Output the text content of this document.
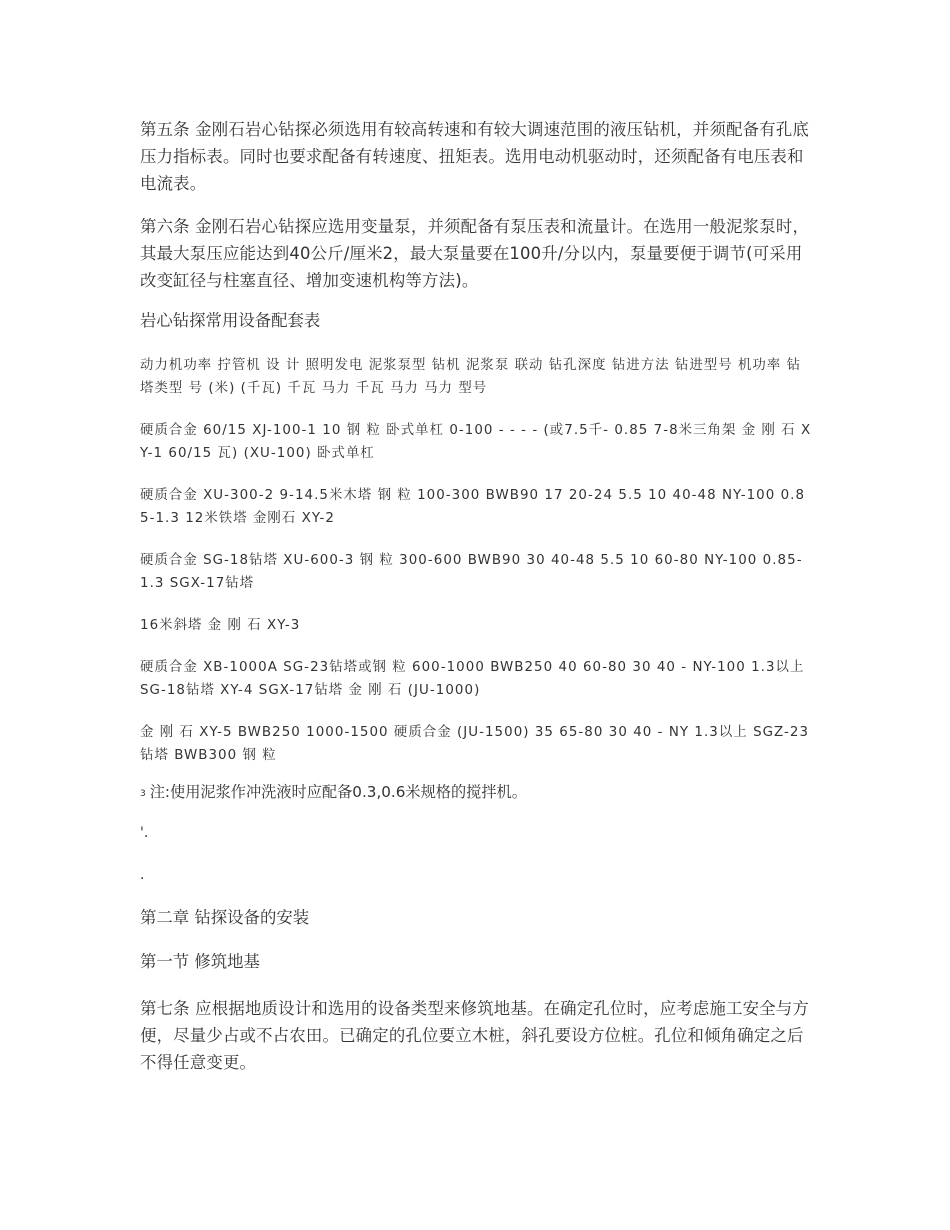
第五条 金刚石岩心钻探必须选用有较高转速和有较大调速范围的液压钻机，并须配备有孔底压力指标表。同时也要求配备有转速度、扭矩表。选用电动机驱动时，还须配备有电压表和电流表。

第六条 金刚石岩心钻探应选用变量泵，并须配备有泵压表和流量计。在选用一般泥浆泵时，其最大泵压应能达到40公斤/厘米2，最大泵量要在100升/分以内，泵量要便于调节(可采用改变缸径与柱塞直径、增加变速机构等方法)。

岩心钻探常用设备配套表
动力机功率 拧管机 设 计 照明发电 泥浆泵型 钻机 泥浆泵 联动 钻孔深度 钻进方法 钻进型号 机功率 钻塔类型 号 (米) (千瓦) 千瓦 马力 千瓦 马力 马力 型号
硬质合金 60/15 XJ-100-1 10 钢 粒 卧式单杠 0-100 - - - - (或7.5千- 0.85 7-8米三角架 金 刚 石 XY-1 60/15 瓦) (XU-100) 卧式单杠
硬质合金 XU-300-2 9-14.5米木塔 钢 粒 100-300 BWB90 17 20-24 5.5 10 40-48 NY-100 0.85-1.3 12米铁塔 金刚石 XY-2
硬质合金 SG-18钻塔 XU-600-3 钢 粒 300-600 BWB90 30 40-48 5.5 10 60-80 NY-100 0.85-1.3 SGX-17钻塔
16米斜塔 金 刚 石 XY-3
硬质合金 XB-1000A SG-23钻塔或钢 粒 600-1000 BWB250 40 60-80 30 40 - NY-100 1.3以上 SG-18钻塔 XY-4 SGX-17钻塔 金 刚 石 (JU-1000)
金 刚 石 XY-5 BWB250 1000-1500 硬质合金 (JU-1500) 35 65-80 30 40 - NY 1.3以上 SGZ-23钻塔 BWB300 钢 粒
3 注:使用泥浆作冲洗液时应配备0.3,0.6米规格的搅拌机。
'.
.
第二章 钻探设备的安装
第一节 修筑地基

第七条 应根据地质设计和选用的设备类型来修筑地基。在确定孔位时，应考虑施工安全与方便，尽量少占或不占农田。已确定的孔位要立木桩，斜孔要设方位桩。孔位和倾角确定之后不得任意变更。
